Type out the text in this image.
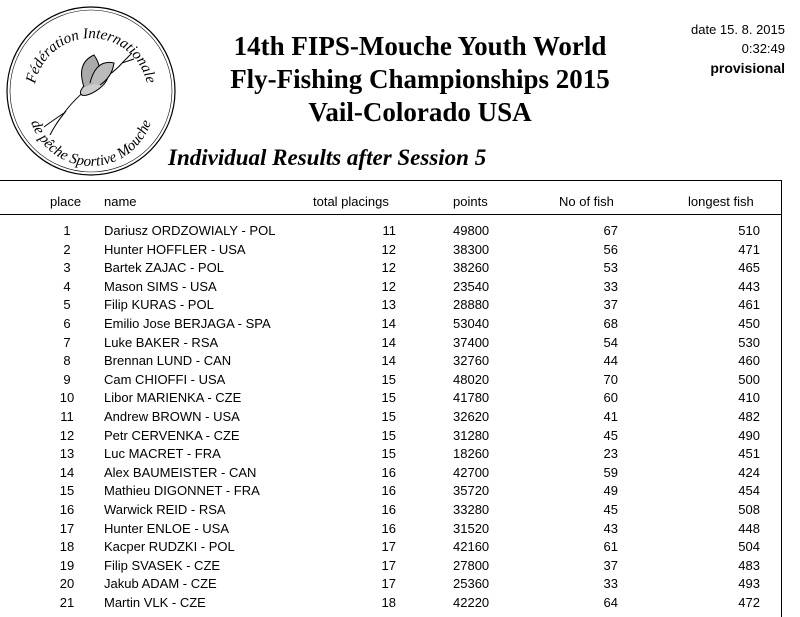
Fédération Internationale
de pêche Sportive Mouche
14th FIPS-Mouche Youth World
Fly-Fishing Championships 2015
Vail-Colorado USA
Individual Results after Session 5
date 15. 8. 2015
0:32:49
provisional
place name	total placings	points	No of fish	longest fish
1	Dariusz ORDZOWIALY - POL	11	49800	67	510
2	Hunter HOFFLER - USA	12	38300	56	471
3	Bartek ZAJAC - POL	12	38260	53	465
4	Mason SIMS - USA	12	23540	33	443
5	Filip KURAS - POL	13	28880	37	461
6	Emilio Jose BERJAGA - SPA	14	53040	68	450
7	Luke BAKER - RSA	14	37400	54	530
8	Brennan LUND - CAN	14	32760	44	460
9	Cam CHIOFFI - USA	15	48020	70	500
10	Libor MARIENKA - CZE	15	41780	60	410
11	Andrew BROWN - USA	15	32620	41	482
12	Petr CERVENKA - CZE	15	31280	45	490
13	Luc MACRET - FRA	15	18260	23	451
14	Alex BAUMEISTER - CAN	16	42700	59	424
15	Mathieu DIGONNET - FRA	16	35720	49	454
16	Warwick REID - RSA	16	33280	45	508
17	Hunter ENLOE - USA	16	31520	43	448
18	Kacper RUDZKI - POL	17	42160	61	504
19	Filip SVASEK - CZE	17	27800	37	483
20	Jakub ADAM - CZE	17	25360	33	493
21	Martin VLK - CZE	18	42220	64	472
